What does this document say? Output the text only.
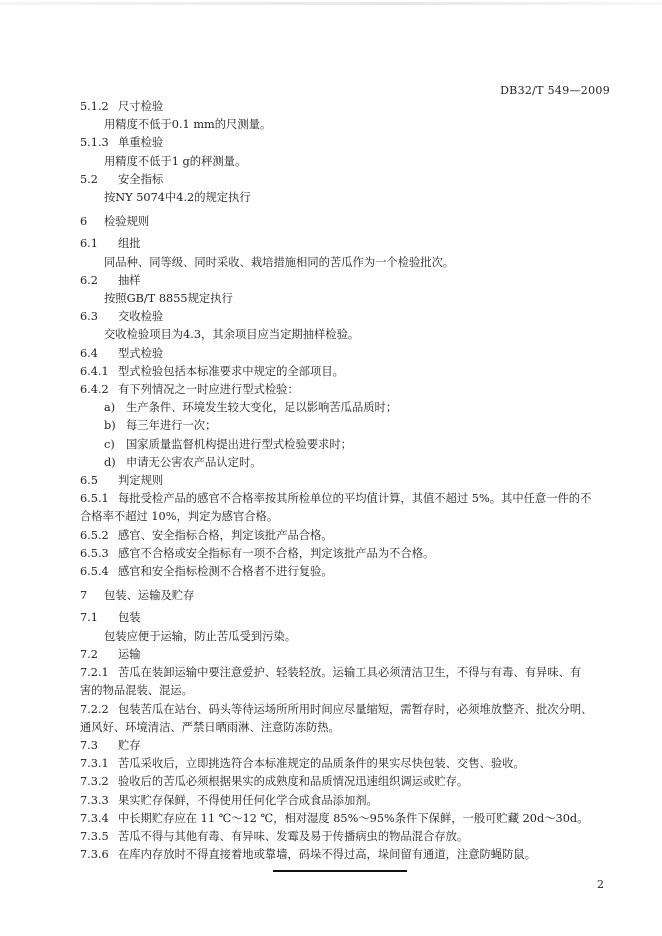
DB32/T 549—2009
5.1.2 尺寸检验
用精度不低于0.1 mm的尺测量。
5.1.3 单重检验
用精度不低于1 g的秤测量。
5.2 安全指标
按NY 5074中4.2的规定执行
6 检验规则
6.1 组批
同品种、同等级、同时采收、栽培措施相同的苦瓜作为一个检验批次。
6.2 抽样
按照GB/T 8855规定执行
6.3 交收检验
交收检验项目为4.3，其余项目应当定期抽样检验。
6.4 型式检验
6.4.1 型式检验包括本标准要求中规定的全部项目。
6.4.2 有下列情况之一时应进行型式检验：
a) 生产条件、环境发生较大变化，足以影响苦瓜品质时；
b) 每三年进行一次；
c) 国家质量监督机构提出进行型式检验要求时；
d) 申请无公害农产品认定时。
6.5 判定规则
6.5.1 每批受检产品的感官不合格率按其所检单位的平均值计算，其值不超过 5%。其中任意一件的不
合格率不超过 10%，判定为感官合格。
6.5.2 感官、安全指标合格，判定该批产品合格。
6.5.3 感官不合格或安全指标有一项不合格，判定该批产品为不合格。
6.5.4 感官和安全指标检测不合格者不进行复验。
7 包装、运输及贮存
7.1 包装
包装应便于运输，防止苦瓜受到污染。
7.2 运输
7.2.1 苦瓜在装卸运输中要注意爱护、轻装轻放。运输工具必须清洁卫生，不得与有毒、有异味、有
害的物品混装、混运。
7.2.2 包装苦瓜在站台、码头等待运场所所用时间应尽量缩短，需暂存时，必须堆放整齐、批次分明、
通风好、环境清洁、严禁日晒雨淋、注意防冻防热。
7.3 贮存
7.3.1 苦瓜采收后，立即挑选符合本标准规定的品质条件的果实尽快包装、交售、验收。
7.3.2 验收后的苦瓜必须根据果实的成熟度和品质情况迅速组织调运或贮存。
7.3.3 果实贮存保鲜，不得使用任何化学合成食品添加剂。
7.3.4 中长期贮存应在 11 ℃～12 ℃，相对湿度 85%～95%条件下保鲜，一般可贮藏 20d～30d。
7.3.5 苦瓜不得与其他有毒、有异味、发霉及易于传播病虫的物品混合存放。
7.3.6 在库内存放时不得直接着地或靠墙，码垛不得过高，垛间留有通道，注意防蝇防鼠。
2
